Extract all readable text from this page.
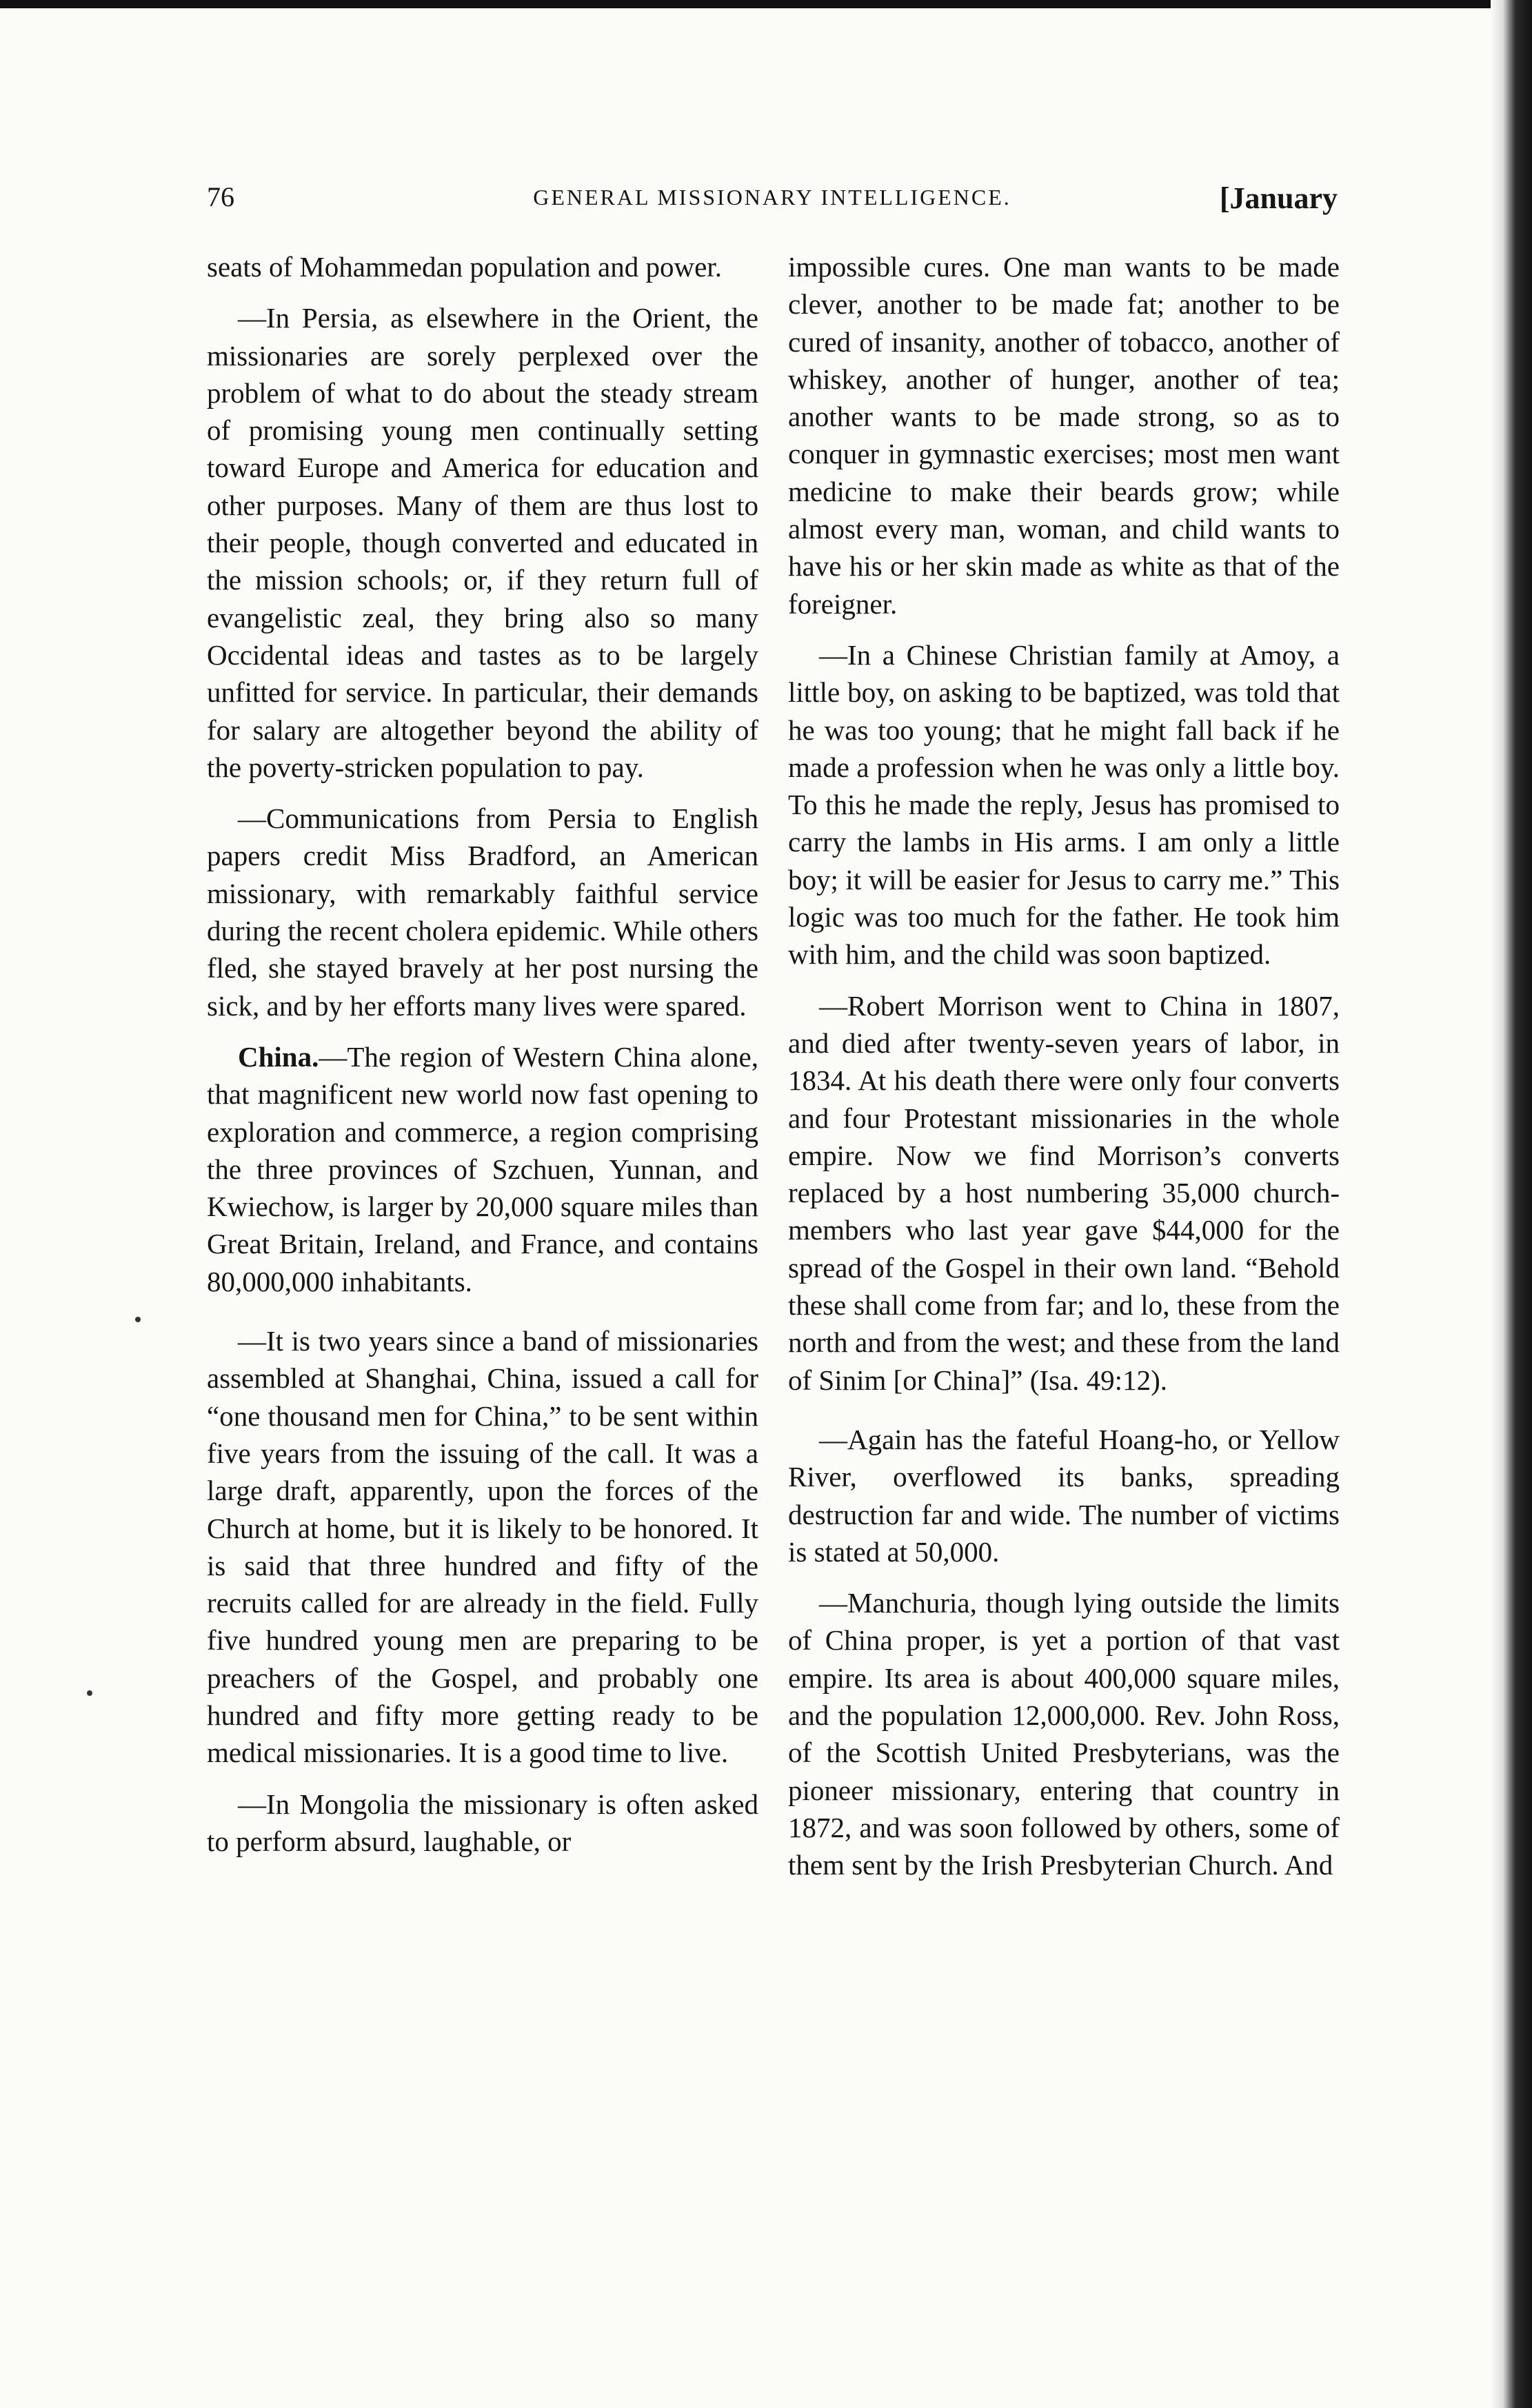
76	GENERAL MISSIONARY INTELLIGENCE.	[January

seats of Mohammedan population and power.

—In Persia, as elsewhere in the Orient, the missionaries are sorely perplexed over the problem of what to do about the steady stream of promising young men continually setting toward Europe and America for education and other purposes. Many of them are thus lost to their people, though converted and educated in the mission schools; or, if they return full of evangelistic zeal, they bring also so many Occidental ideas and tastes as to be largely unfitted for service. In particular, their demands for salary are altogether beyond the ability of the poverty-stricken population to pay.

—Communications from Persia to English papers credit Miss Bradford, an American missionary, with remarkably faithful service during the recent cholera epidemic. While others fled, she stayed bravely at her post nursing the sick, and by her efforts many lives were spared.

China.—The region of Western China alone, that magnificent new world now fast opening to exploration and commerce, a region comprising the three provinces of Szchuen, Yunnan, and Kwiechow, is larger by 20,000 square miles than Great Britain, Ireland, and France, and contains 80,000,000 inhabitants.

—It is two years since a band of missionaries assembled at Shanghai, China, issued a call for “one thousand men for China,” to be sent within five years from the issuing of the call. It was a large draft, apparently, upon the forces of the Church at home, but it is likely to be honored. It is said that three hundred and fifty of the recruits called for are already in the field. Fully five hundred young men are preparing to be preachers of the Gospel, and probably one hundred and fifty more getting ready to be medical missionaries. It is a good time to live.

—In Mongolia the missionary is often asked to perform absurd, laughable, or

impossible cures. One man wants to be made clever, another to be made fat; another to be cured of insanity, another of tobacco, another of whiskey, another of hunger, another of tea; another wants to be made strong, so as to conquer in gymnastic exercises; most men want medicine to make their beards grow; while almost every man, woman, and child wants to have his or her skin made as white as that of the foreigner.

—In a Chinese Christian family at Amoy, a little boy, on asking to be baptized, was told that he was too young; that he might fall back if he made a profession when he was only a little boy. To this he made the reply, Jesus has promised to carry the lambs in His arms. I am only a little boy; it will be easier for Jesus to carry me.” This logic was too much for the father. He took him with him, and the child was soon baptized.

—Robert Morrison went to China in 1807, and died after twenty-seven years of labor, in 1834. At his death there were only four converts and four Protestant missionaries in the whole empire. Now we find Morrison’s converts replaced by a host numbering 35,000 church-members who last year gave $44,000 for the spread of the Gospel in their own land. “Behold these shall come from far; and lo, these from the north and from the west; and these from the land of Sinim [or China]” (Isa. 49:12).

—Again has the fateful Hoang-ho, or Yellow River, overflowed its banks, spreading destruction far and wide. The number of victims is stated at 50,000.

—Manchuria, though lying outside the limits of China proper, is yet a portion of that vast empire. Its area is about 400,000 square miles, and the population 12,000,000. Rev. John Ross, of the Scottish United Presbyterians, was the pioneer missionary, entering that country in 1872, and was soon followed by others, some of them sent by the Irish Presbyterian Church. And
